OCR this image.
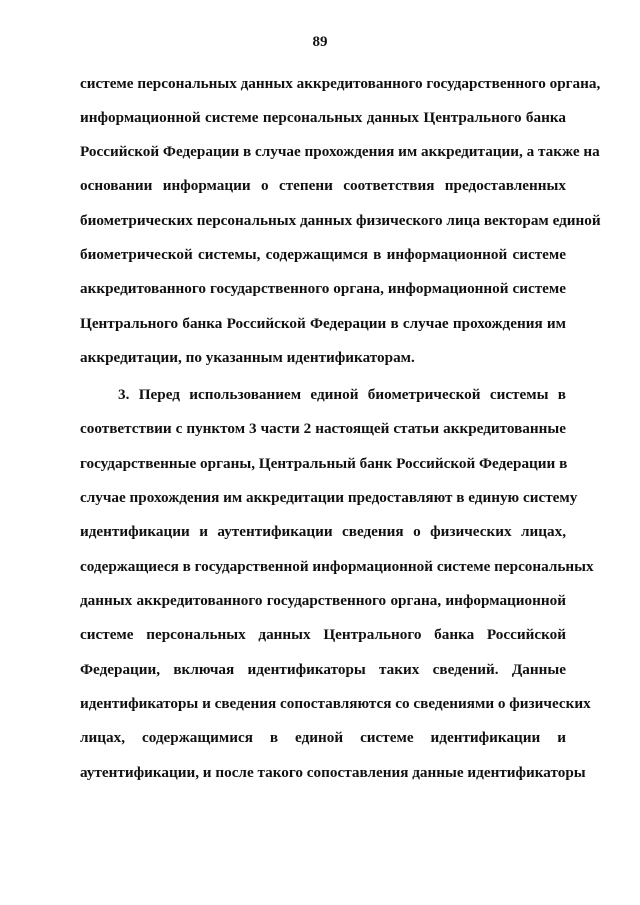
89
системе персональных данных аккредитованного государственного органа,
информационной системе персональных данных Центрального банка
Российской Федерации в случае прохождения им аккредитации, а также на
основании информации о степени соответствия предоставленных
биометрических персональных данных физического лица векторам единой
биометрической системы, содержащимся в информационной системе
аккредитованного государственного органа, информационной системе
Центрального банка Российской Федерации в случае прохождения им
аккредитации, по указанным идентификаторам.
3. Перед использованием единой биометрической системы в
соответствии с пунктом 3 части 2 настоящей статьи аккредитованные
государственные органы, Центральный банк Российской Федерации в
случае прохождения им аккредитации предоставляют в единую систему
идентификации и аутентификации сведения о физических лицах,
содержащиеся в государственной информационной системе персональных
данных аккредитованного государственного органа, информационной
системе персональных данных Центрального банка Российской
Федерации, включая идентификаторы таких сведений. Данные
идентификаторы и сведения сопоставляются со сведениями о физических
лицах, содержащимися в единой системе идентификации и
аутентификации, и после такого сопоставления данные идентификаторы
